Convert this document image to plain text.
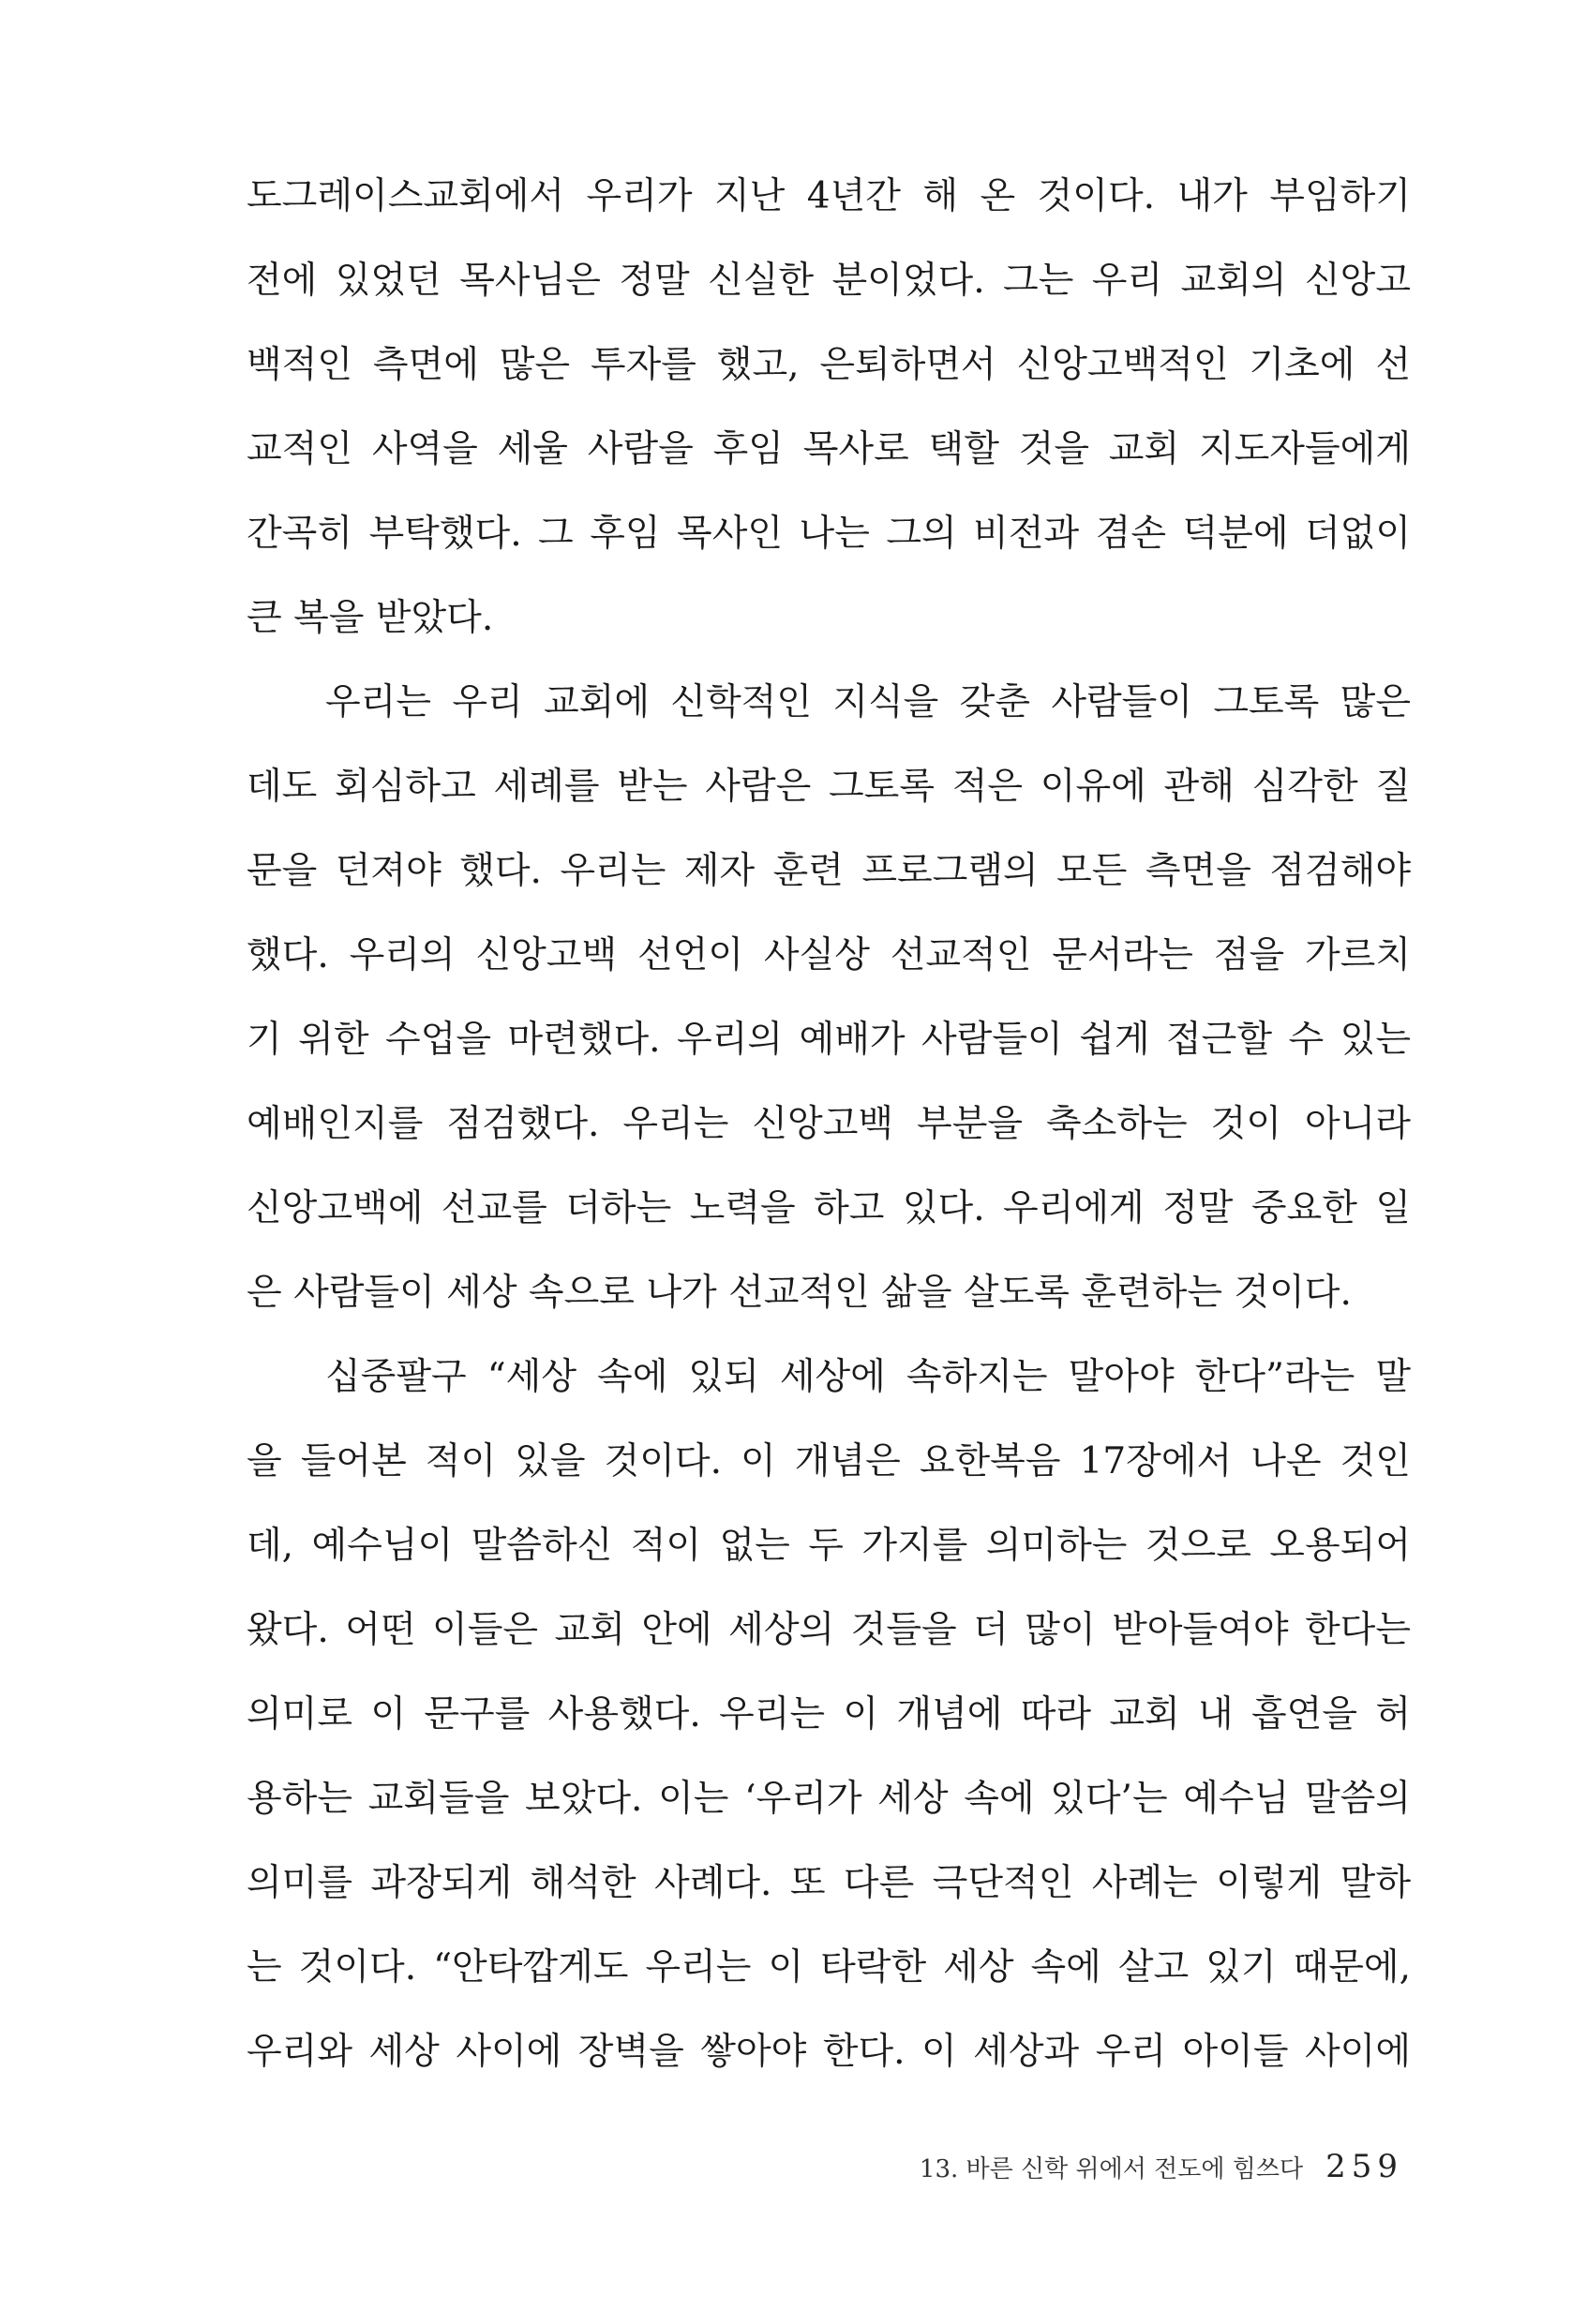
도그레이스교회에서 우리가 지난 4년간 해 온 것이다. 내가 부임하기
전에 있었던 목사님은 정말 신실한 분이었다. 그는 우리 교회의 신앙고
백적인 측면에 많은 투자를 했고, 은퇴하면서 신앙고백적인 기초에 선
교적인 사역을 세울 사람을 후임 목사로 택할 것을 교회 지도자들에게
간곡히 부탁했다. 그 후임 목사인 나는 그의 비전과 겸손 덕분에 더없이
큰 복을 받았다.
우리는 우리 교회에 신학적인 지식을 갖춘 사람들이 그토록 많은
데도 회심하고 세례를 받는 사람은 그토록 적은 이유에 관해 심각한 질
문을 던져야 했다. 우리는 제자 훈련 프로그램의 모든 측면을 점검해야
했다. 우리의 신앙고백 선언이 사실상 선교적인 문서라는 점을 가르치
기 위한 수업을 마련했다. 우리의 예배가 사람들이 쉽게 접근할 수 있는
예배인지를 점검했다. 우리는 신앙고백 부분을 축소하는 것이 아니라
신앙고백에 선교를 더하는 노력을 하고 있다. 우리에게 정말 중요한 일
은 사람들이 세상 속으로 나가 선교적인 삶을 살도록 훈련하는 것이다.
십중팔구 “세상 속에 있되 세상에 속하지는 말아야 한다”라는 말
을 들어본 적이 있을 것이다. 이 개념은 요한복음 17장에서 나온 것인
데, 예수님이 말씀하신 적이 없는 두 가지를 의미하는 것으로 오용되어
왔다. 어떤 이들은 교회 안에 세상의 것들을 더 많이 받아들여야 한다는
의미로 이 문구를 사용했다. 우리는 이 개념에 따라 교회 내 흡연을 허
용하는 교회들을 보았다. 이는 ‘우리가 세상 속에 있다’는 예수님 말씀의
의미를 과장되게 해석한 사례다. 또 다른 극단적인 사례는 이렇게 말하
는 것이다. “안타깝게도 우리는 이 타락한 세상 속에 살고 있기 때문에,
우리와 세상 사이에 장벽을 쌓아야 한다. 이 세상과 우리 아이들 사이에
13. 바른 신학 위에서 전도에 힘쓰다 259
